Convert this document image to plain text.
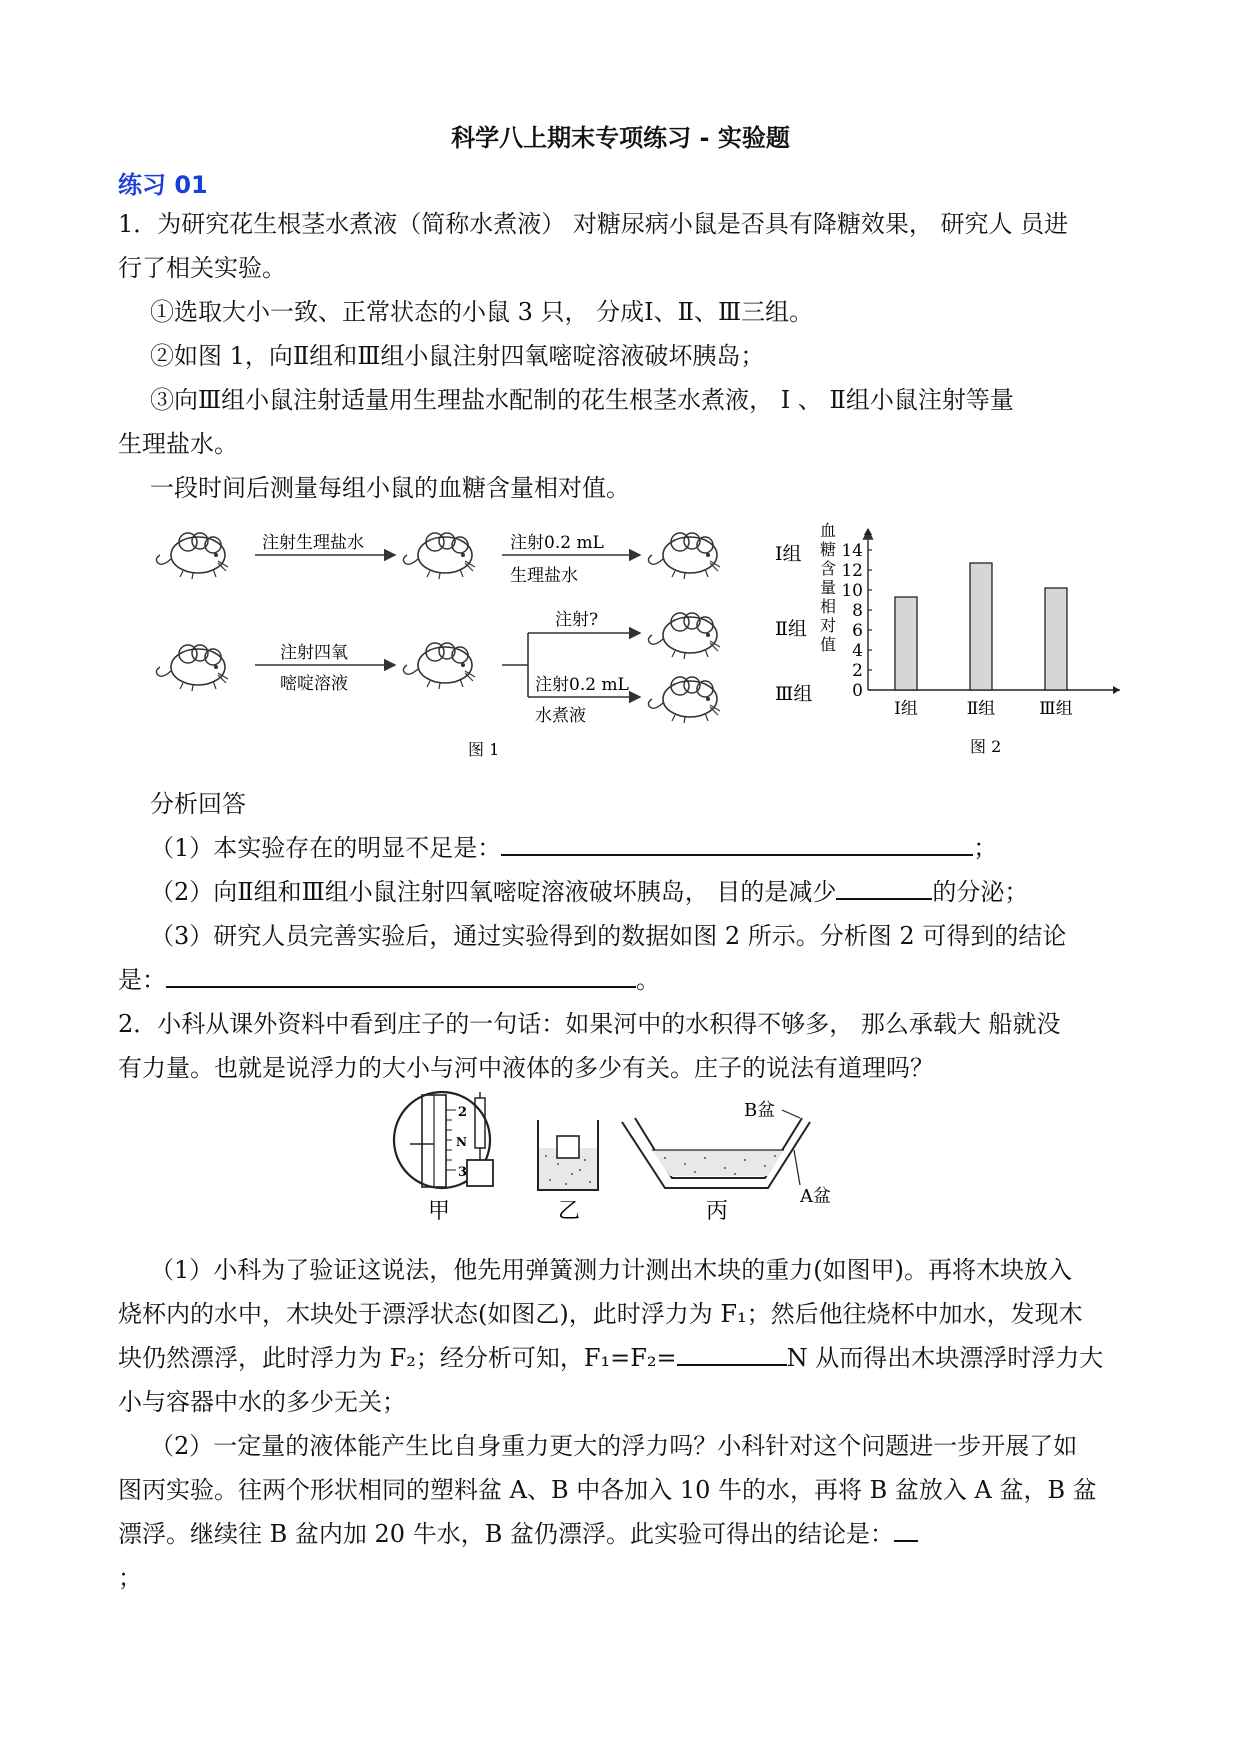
科学八上期末专项练习 - 实验题
练习 01
1．为研究花生根茎水煮液（简称水煮液） 对糖尿病小鼠是否具有降糖效果， 研究人 员进
行了相关实验。
①选取大小一致、正常状态的小鼠 3 只， 分成Ⅰ、Ⅱ、Ⅲ三组。
②如图 1，向Ⅱ组和Ⅲ组小鼠注射四氧嘧啶溶液破坏胰岛；
③向Ⅲ组小鼠注射适量用生理盐水配制的花生根茎水煮液， Ⅰ 、 Ⅱ组小鼠注射等量
生理盐水。
一段时间后测量每组小鼠的血糖含量相对值。
注射生理盐水	注射0.2 mL
生理盐水
注射四氧
嘧啶溶液
注射?
注射0.2 mL
水煮液
图 1
Ⅰ组
Ⅱ组
Ⅲ组
血糖含量相对值
0
2
4
6
8
10
12
14
Ⅰ组	Ⅱ组	Ⅲ组
图 2
分析回答
（1）本实验存在的明显不足是：	；
（2）向Ⅱ组和Ⅲ组小鼠注射四氧嘧啶溶液破坏胰岛， 目的是减少	的分泌；
（3）研究人员完善实验后，通过实验得到的数据如图 2 所示。分析图 2 可得到的结论
是：	。
2．小科从课外资料中看到庄子的一句话：如果河中的水积得不够多， 那么承载大 船就没
有力量。也就是说浮力的大小与河中液体的多少有关。庄子的说法有道理吗？
2
N
3
甲	乙
B盆
A盆
丙
（1）小科为了验证这说法，他先用弹簧测力计测出木块的重力(如图甲)。再将木块放入
烧杯内的水中，木块处于漂浮状态(如图乙)，此时浮力为 F₁；然后他往烧杯中加水，发现木
块仍然漂浮，此时浮力为 F₂；经分析可知，F₁=F₂=	N 从而得出木块漂浮时浮力大
小与容器中水的多少无关；
（2）一定量的液体能产生比自身重力更大的浮力吗？小科针对这个问题进一步开展了如
图丙实验。往两个形状相同的塑料盆 A、B 中各加入 10 牛的水，再将 B 盆放入 A 盆，B 盆
漂浮。继续往 B 盆内加 20 牛水，B 盆仍漂浮。此实验可得出的结论是：
；
